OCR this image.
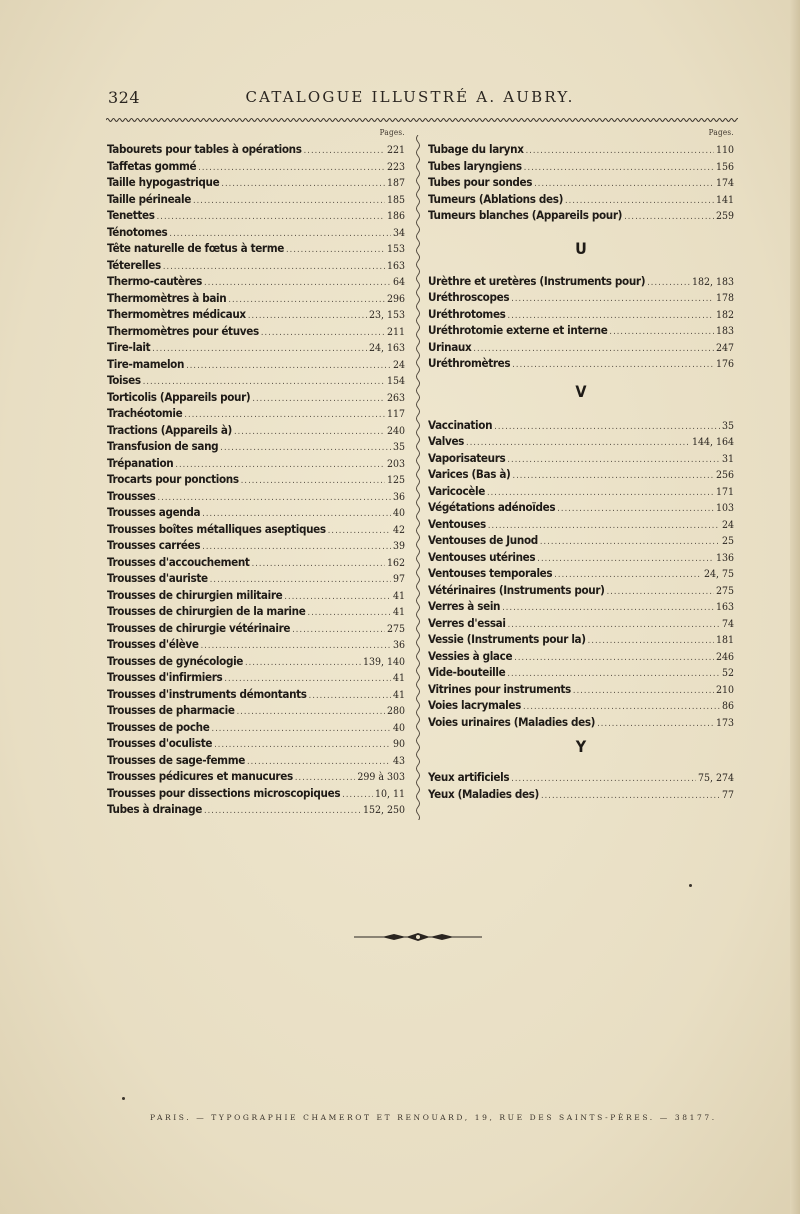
324	CATALOGUE ILLUSTRÉ A. AUBRY.
Pages.
Tabourets pour tables à opérations .....	221
Taffetas gommé .....	223
Taille hypogastrique .....	187
Taille périneale .....	185
Tenettes .....	186
Ténotomes .....	34
Tête naturelle de fœtus à terme .....	153
Téterelles .....	163
Thermo-cautères .....	64
Thermomètres à bain .....	296
Thermomètres médicaux .....	23, 153
Thermomètres pour étuves .....	211
Tire-lait .....	24, 163
Tire-mamelon .....	24
Toises .....	154
Torticolis (Appareils pour) .....	263
Trachéotomie .....	117
Tractions (Appareils à) .....	240
Transfusion de sang .....	35
Trépanation .....	203
Trocarts pour ponctions .....	125
Trousses .....	36
Trousses agenda .....	40
Trousses boîtes métalliques aseptiques .....	42
Trousses carrées .....	39
Trousses d'accouchement .....	162
Trousses d'auriste .....	97
Trousses de chirurgien militaire .....	41
Trousses de chirurgien de la marine .....	41
Trousses de chirurgie vétérinaire .....	275
Trousses d'élève .....	36
Trousses de gynécologie .....	139, 140
Trousses d'infirmiers .....	41
Trousses d'instruments démontants .....	41
Trousses de pharmacie .....	280
Trousses de poche .....	40
Trousses d'oculiste .....	90
Trousses de sage-femme .....	43
Trousses pédicures et manucures .....	299 à 303
Trousses pour dissections microscopiques .....	10, 11
Tubes à drainage .....	152, 250
Pages.
Tubage du larynx .....	110
Tubes laryngiens .....	156
Tubes pour sondes .....	174
Tumeurs (Ablations des) .....	141
Tumeurs blanches (Appareils pour) .....	259
U
Urèthre et uretères (Instruments pour) .....	182, 183
Uréthroscopes .....	178
Uréthrotomes .....	182
Uréthrotomie externe et interne .....	183
Urinaux .....	247
Uréthromètres .....	176
V
Vaccination .....	35
Valves .....	144, 164
Vaporisateurs .....	31
Varices (Bas à) .....	256
Varicocèle .....	171
Végétations adénoïdes .....	103
Ventouses .....	24
Ventouses de Junod .....	25
Ventouses utérines .....	136
Ventouses temporales .....	24, 75
Vétérinaires (Instruments pour) .....	275
Verres à sein .....	163
Verres d'essai .....	74
Vessie (Instruments pour la) .....	181
Vessies à glace .....	246
Vide-bouteille .....	52
Vitrines pour instruments .....	210
Voies lacrymales .....	86
Voies urinaires (Maladies des) .....	173
Y
Yeux artificiels .....	75, 274
Yeux (Maladies des) .....	77
PARIS. — TYPOGRAPHIE CHAMEROT ET RENOUARD, 19, RUE DES SAINTS-PÈRES. — 38177.
